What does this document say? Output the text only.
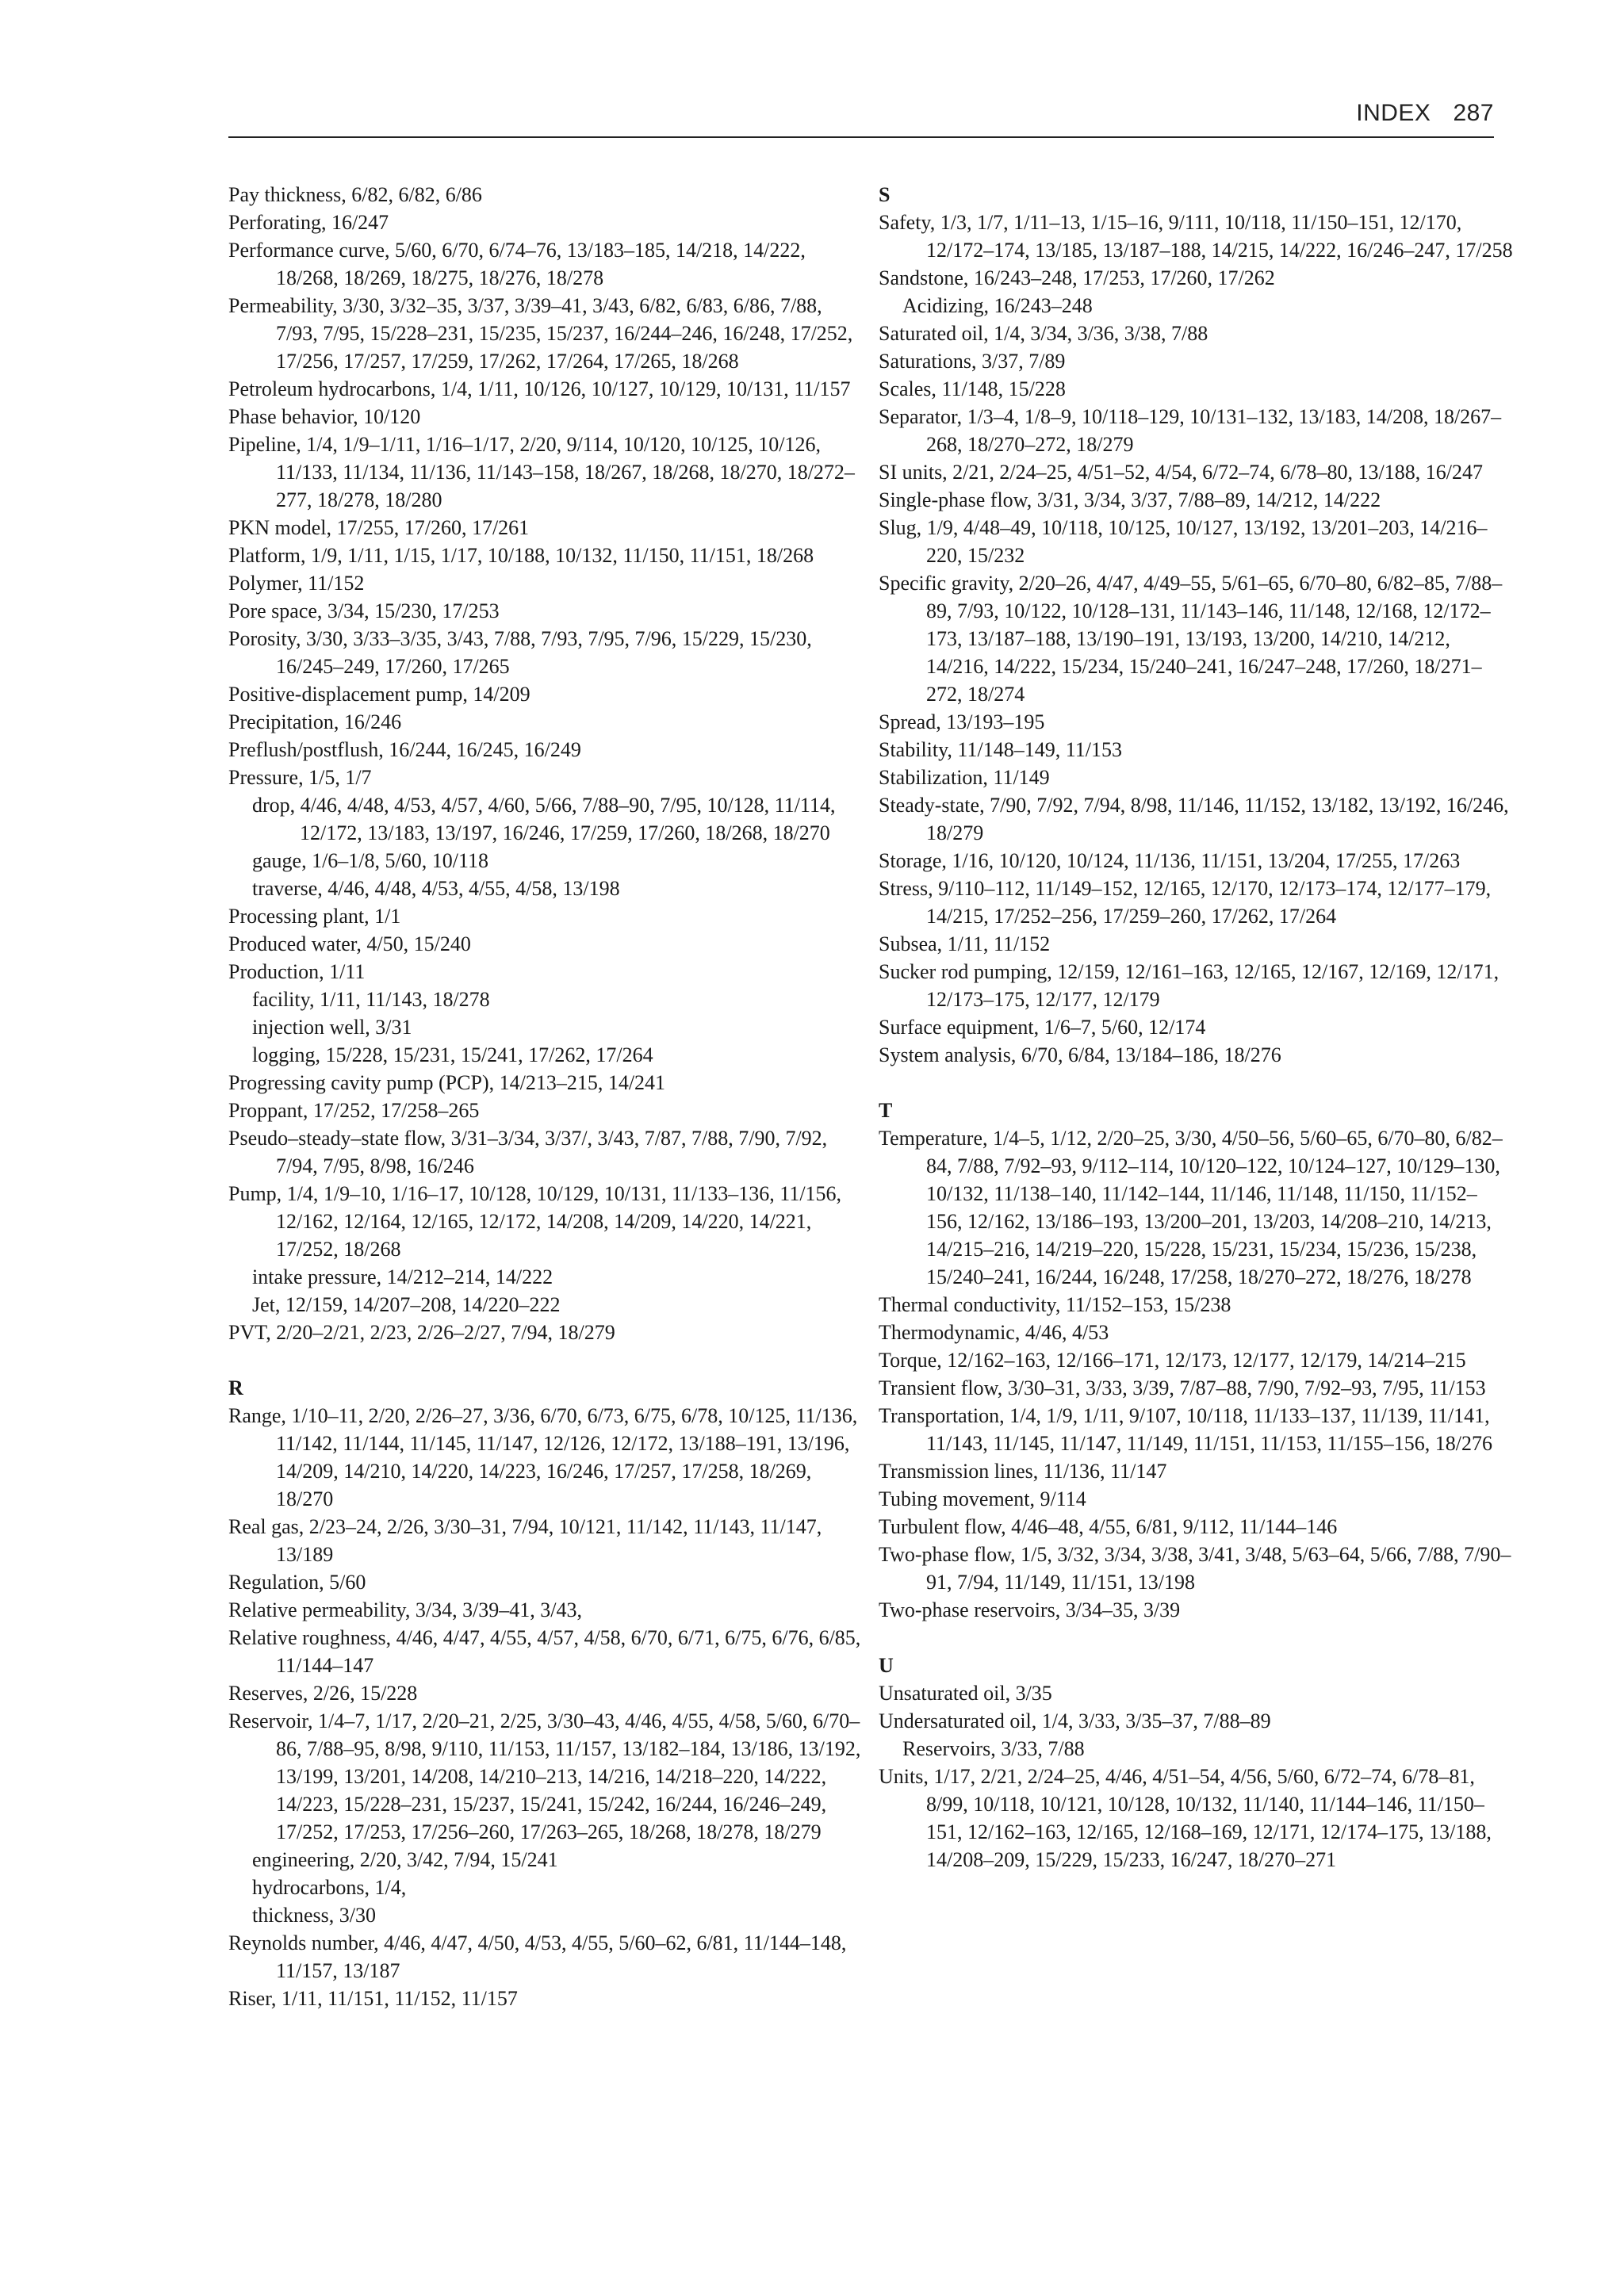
INDEX 287
Pay thickness, 6/82, 6/82, 6/86
Perforating, 16/247
Performance curve, 5/60, 6/70, 6/74–76, 13/183–185, 14/218, 14/222, 18/268, 18/269, 18/275, 18/276, 18/278
Permeability, 3/30, 3/32–35, 3/37, 3/39–41, 3/43, 6/82, 6/83, 6/86, 7/88, 7/93, 7/95, 15/228–231, 15/235, 15/237, 16/244–246, 16/248, 17/252, 17/256, 17/257, 17/259, 17/262, 17/264, 17/265, 18/268
Petroleum hydrocarbons, 1/4, 1/11, 10/126, 10/127, 10/129, 10/131, 11/157
Phase behavior, 10/120
Pipeline, 1/4, 1/9–1/11, 1/16–1/17, 2/20, 9/114, 10/120, 10/125, 10/126, 11/133, 11/134, 11/136, 11/143–158, 18/267, 18/268, 18/270, 18/272–277, 18/278, 18/280
PKN model, 17/255, 17/260, 17/261
Platform, 1/9, 1/11, 1/15, 1/17, 10/188, 10/132, 11/150, 11/151, 18/268
Polymer, 11/152
Pore space, 3/34, 15/230, 17/253
Porosity, 3/30, 3/33–3/35, 3/43, 7/88, 7/93, 7/95, 7/96, 15/229, 15/230, 16/245–249, 17/260, 17/265
Positive-displacement pump, 14/209
Precipitation, 16/246
Preflush/postflush, 16/244, 16/245, 16/249
Pressure, 1/5, 1/7
drop, 4/46, 4/48, 4/53, 4/57, 4/60, 5/66, 7/88–90, 7/95, 10/128, 11/114, 12/172, 13/183, 13/197, 16/246, 17/259, 17/260, 18/268, 18/270
gauge, 1/6–1/8, 5/60, 10/118
traverse, 4/46, 4/48, 4/53, 4/55, 4/58, 13/198
Processing plant, 1/1
Produced water, 4/50, 15/240
Production, 1/11
facility, 1/11, 11/143, 18/278
injection well, 3/31
logging, 15/228, 15/231, 15/241, 17/262, 17/264
Progressing cavity pump (PCP), 14/213–215, 14/241
Proppant, 17/252, 17/258–265
Pseudo–steady–state flow, 3/31–3/34, 3/37/, 3/43, 7/87, 7/88, 7/90, 7/92, 7/94, 7/95, 8/98, 16/246
Pump, 1/4, 1/9–10, 1/16–17, 10/128, 10/129, 10/131, 11/133–136, 11/156, 12/162, 12/164, 12/165, 12/172, 14/208, 14/209, 14/220, 14/221, 17/252, 18/268
intake pressure, 14/212–214, 14/222
Jet, 12/159, 14/207–208, 14/220–222
PVT, 2/20–2/21, 2/23, 2/26–2/27, 7/94, 18/279
R
Range, 1/10–11, 2/20, 2/26–27, 3/36, 6/70, 6/73, 6/75, 6/78, 10/125, 11/136, 11/142, 11/144, 11/145, 11/147, 12/126, 12/172, 13/188–191, 13/196, 14/209, 14/210, 14/220, 14/223, 16/246, 17/257, 17/258, 18/269, 18/270
Real gas, 2/23–24, 2/26, 3/30–31, 7/94, 10/121, 11/142, 11/143, 11/147, 13/189
Regulation, 5/60
Relative permeability, 3/34, 3/39–41, 3/43,
Relative roughness, 4/46, 4/47, 4/55, 4/57, 4/58, 6/70, 6/71, 6/75, 6/76, 6/85, 11/144–147
Reserves, 2/26, 15/228
Reservoir, 1/4–7, 1/17, 2/20–21, 2/25, 3/30–43, 4/46, 4/55, 4/58, 5/60, 6/70–86, 7/88–95, 8/98, 9/110, 11/153, 11/157, 13/182–184, 13/186, 13/192, 13/199, 13/201, 14/208, 14/210–213, 14/216, 14/218–220, 14/222, 14/223, 15/228–231, 15/237, 15/241, 15/242, 16/244, 16/246–249, 17/252, 17/253, 17/256–260, 17/263–265, 18/268, 18/278, 18/279
engineering, 2/20, 3/42, 7/94, 15/241
hydrocarbons, 1/4,
thickness, 3/30
Reynolds number, 4/46, 4/47, 4/50, 4/53, 4/55, 5/60–62, 6/81, 11/144–148, 11/157, 13/187
Riser, 1/11, 11/151, 11/152, 11/157
S
Safety, 1/3, 1/7, 1/11–13, 1/15–16, 9/111, 10/118, 11/150–151, 12/170, 12/172–174, 13/185, 13/187–188, 14/215, 14/222, 16/246–247, 17/258
Sandstone, 16/243–248, 17/253, 17/260, 17/262
Acidizing, 16/243–248
Saturated oil, 1/4, 3/34, 3/36, 3/38, 7/88
Saturations, 3/37, 7/89
Scales, 11/148, 15/228
Separator, 1/3–4, 1/8–9, 10/118–129, 10/131–132, 13/183, 14/208, 18/267–268, 18/270–272, 18/279
SI units, 2/21, 2/24–25, 4/51–52, 4/54, 6/72–74, 6/78–80, 13/188, 16/247
Single-phase flow, 3/31, 3/34, 3/37, 7/88–89, 14/212, 14/222
Slug, 1/9, 4/48–49, 10/118, 10/125, 10/127, 13/192, 13/201–203, 14/216–220, 15/232
Specific gravity, 2/20–26, 4/47, 4/49–55, 5/61–65, 6/70–80, 6/82–85, 7/88–89, 7/93, 10/122, 10/128–131, 11/143–146, 11/148, 12/168, 12/172–173, 13/187–188, 13/190–191, 13/193, 13/200, 14/210, 14/212, 14/216, 14/222, 15/234, 15/240–241, 16/247–248, 17/260, 18/271–272, 18/274
Spread, 13/193–195
Stability, 11/148–149, 11/153
Stabilization, 11/149
Steady-state, 7/90, 7/92, 7/94, 8/98, 11/146, 11/152, 13/182, 13/192, 16/246, 18/279
Storage, 1/16, 10/120, 10/124, 11/136, 11/151, 13/204, 17/255, 17/263
Stress, 9/110–112, 11/149–152, 12/165, 12/170, 12/173–174, 12/177–179, 14/215, 17/252–256, 17/259–260, 17/262, 17/264
Subsea, 1/11, 11/152
Sucker rod pumping, 12/159, 12/161–163, 12/165, 12/167, 12/169, 12/171, 12/173–175, 12/177, 12/179
Surface equipment, 1/6–7, 5/60, 12/174
System analysis, 6/70, 6/84, 13/184–186, 18/276
T
Temperature, 1/4–5, 1/12, 2/20–25, 3/30, 4/50–56, 5/60–65, 6/70–80, 6/82–84, 7/88, 7/92–93, 9/112–114, 10/120–122, 10/124–127, 10/129–130, 10/132, 11/138–140, 11/142–144, 11/146, 11/148, 11/150, 11/152–156, 12/162, 13/186–193, 13/200–201, 13/203, 14/208–210, 14/213, 14/215–216, 14/219–220, 15/228, 15/231, 15/234, 15/236, 15/238, 15/240–241, 16/244, 16/248, 17/258, 18/270–272, 18/276, 18/278
Thermal conductivity, 11/152–153, 15/238
Thermodynamic, 4/46, 4/53
Torque, 12/162–163, 12/166–171, 12/173, 12/177, 12/179, 14/214–215
Transient flow, 3/30–31, 3/33, 3/39, 7/87–88, 7/90, 7/92–93, 7/95, 11/153
Transportation, 1/4, 1/9, 1/11, 9/107, 10/118, 11/133–137, 11/139, 11/141, 11/143, 11/145, 11/147, 11/149, 11/151, 11/153, 11/155–156, 18/276
Transmission lines, 11/136, 11/147
Tubing movement, 9/114
Turbulent flow, 4/46–48, 4/55, 6/81, 9/112, 11/144–146
Two-phase flow, 1/5, 3/32, 3/34, 3/38, 3/41, 3/48, 5/63–64, 5/66, 7/88, 7/90–91, 7/94, 11/149, 11/151, 13/198
Two-phase reservoirs, 3/34–35, 3/39
U
Unsaturated oil, 3/35
Undersaturated oil, 1/4, 3/33, 3/35–37, 7/88–89
Reservoirs, 3/33, 7/88
Units, 1/17, 2/21, 2/24–25, 4/46, 4/51–54, 4/56, 5/60, 6/72–74, 6/78–81, 8/99, 10/118, 10/121, 10/128, 10/132, 11/140, 11/144–146, 11/150–151, 12/162–163, 12/165, 12/168–169, 12/171, 12/174–175, 13/188, 14/208–209, 15/229, 15/233, 16/247, 18/270–271
